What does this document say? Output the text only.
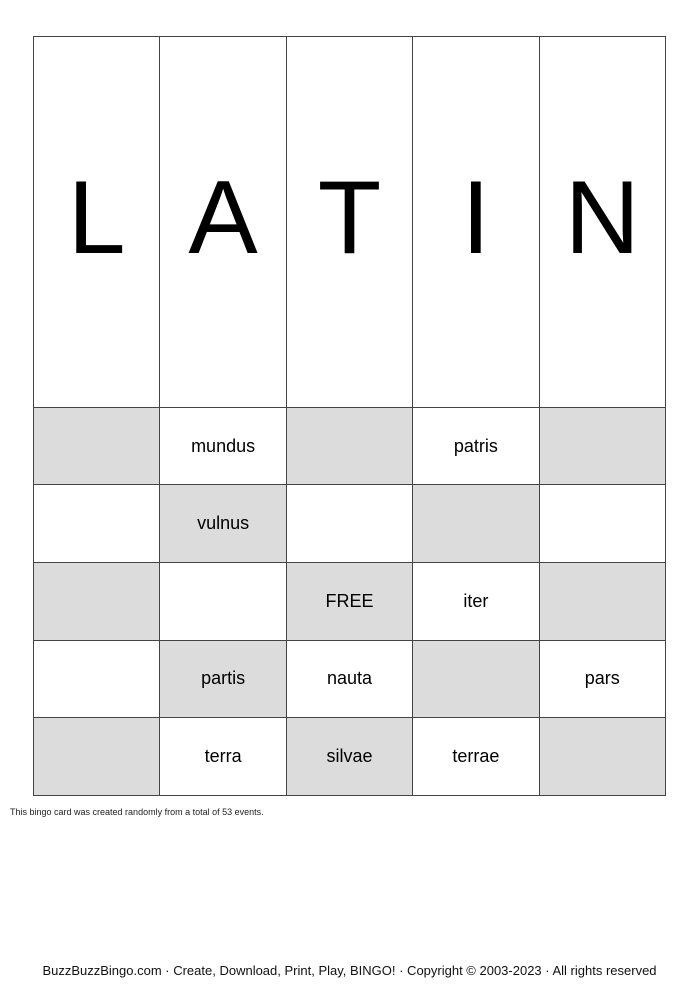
L	A	T	I	N
	mundus		patris	
	vulnus			
		FREE	iter	
	partis	nauta		pars
	terra	silvae	terrae	
This bingo card was created randomly from a total of 53 events.
BuzzBuzzBingo.com · Create, Download, Print, Play, BINGO! · Copyright © 2003-2023 · All rights reserved
